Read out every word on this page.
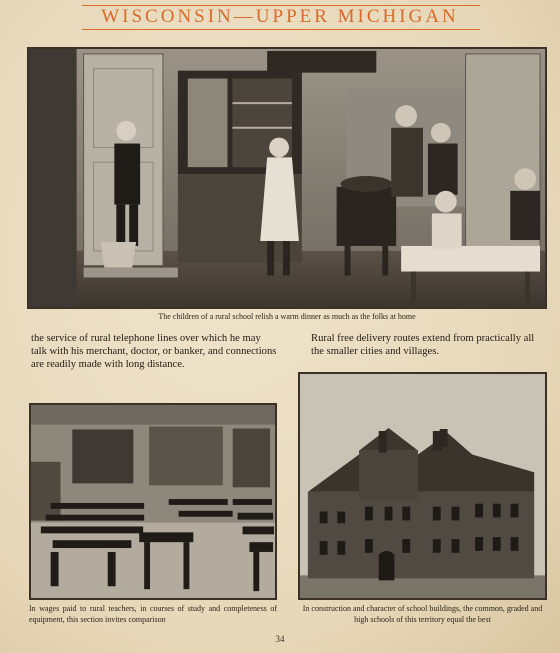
WISCONSIN—UPPER MICHIGAN
The children of a rural school relish a warm dinner as much as the folks at home
the service of rural telephone lines over which he may talk with his merchant, doctor, or banker, and connections are readily made with long distance.
Rural free delivery routes extend from practically all the smaller cities and villages.
In wages paid to rural teachers, in courses of study and completeness of equipment, this section invites comparison
In construction and character of school buildings, the common, graded and high schools of this territory equal the best
34
